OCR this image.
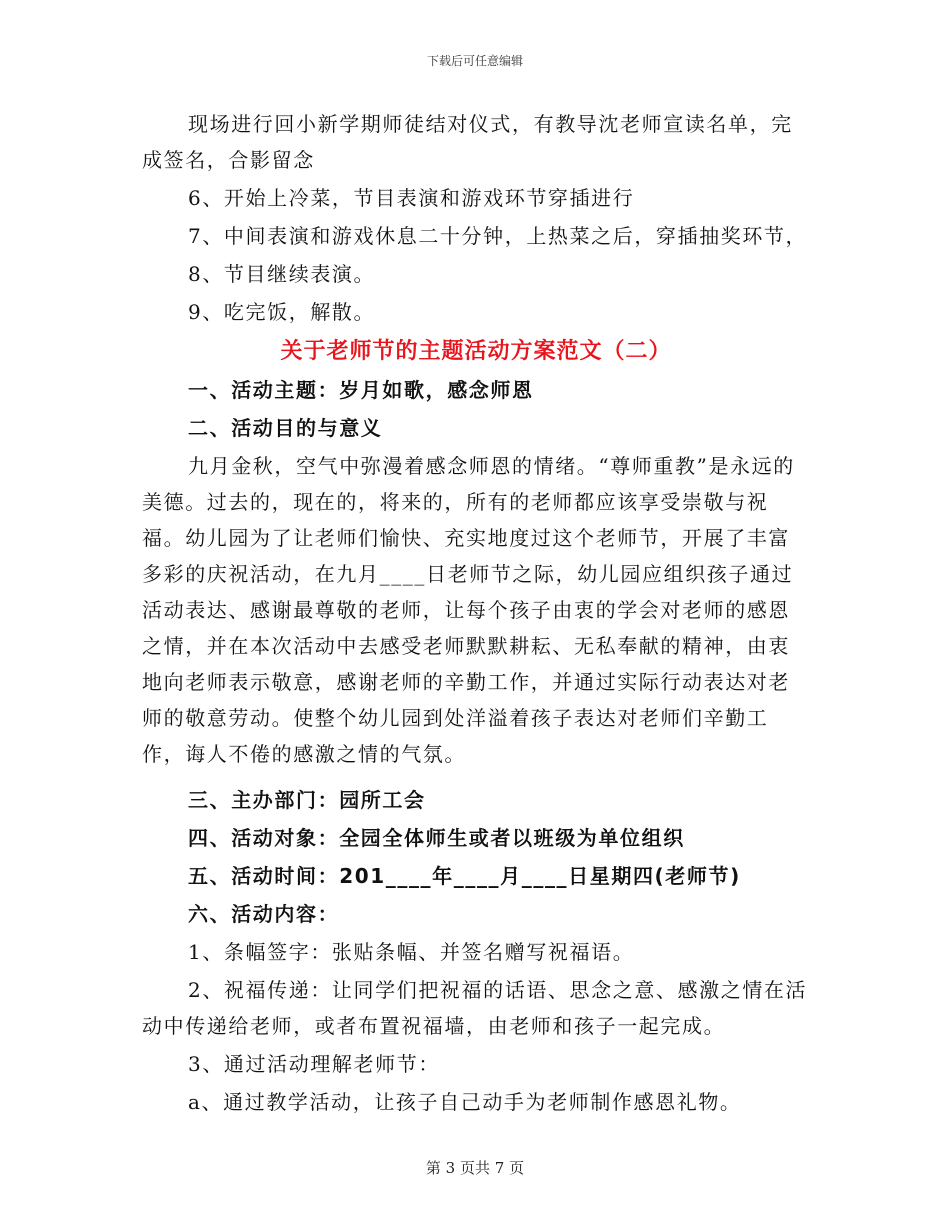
下载后可任意编辑

现场进行回小新学期师徒结对仪式，有教导沈老师宣读名单，完成签名，合影留念

6、开始上冷菜，节目表演和游戏环节穿插进行

7、中间表演和游戏休息二十分钟，上热菜之后，穿插抽奖环节，

8、节目继续表演。

9、吃完饭，解散。

关于老师节的主题活动方案范文（二）

一、活动主题：岁月如歌，感念师恩

二、活动目的与意义

九月金秋，空气中弥漫着感念师恩的情绪。“尊师重教”是永远的美德。过去的，现在的，将来的，所有的老师都应该享受崇敬与祝福。幼儿园为了让老师们愉快、充实地度过这个老师节，开展了丰富多彩的庆祝活动，在九月____日老师节之际，幼儿园应组织孩子通过活动表达、感谢最尊敬的老师，让每个孩子由衷的学会对老师的感恩之情，并在本次活动中去感受老师默默耕耘、无私奉献的精神，由衷地向老师表示敬意，感谢老师的辛勤工作，并通过实际行动表达对老师的敬意劳动。使整个幼儿园到处洋溢着孩子表达对老师们辛勤工作，诲人不倦的感激之情的气氛。

三、主办部门：园所工会

四、活动对象：全园全体师生或者以班级为单位组织

五、活动时间：201____年____月____日星期四(老师节)

六、活动内容：

1、条幅签字：张贴条幅、并签名赠写祝福语。

2、祝福传递：让同学们把祝福的话语、思念之意、感激之情在活动中传递给老师，或者布置祝福墙，由老师和孩子一起完成。

3、通过活动理解老师节：

a、通过教学活动，让孩子自己动手为老师制作感恩礼物。

第 3 页共 7 页
